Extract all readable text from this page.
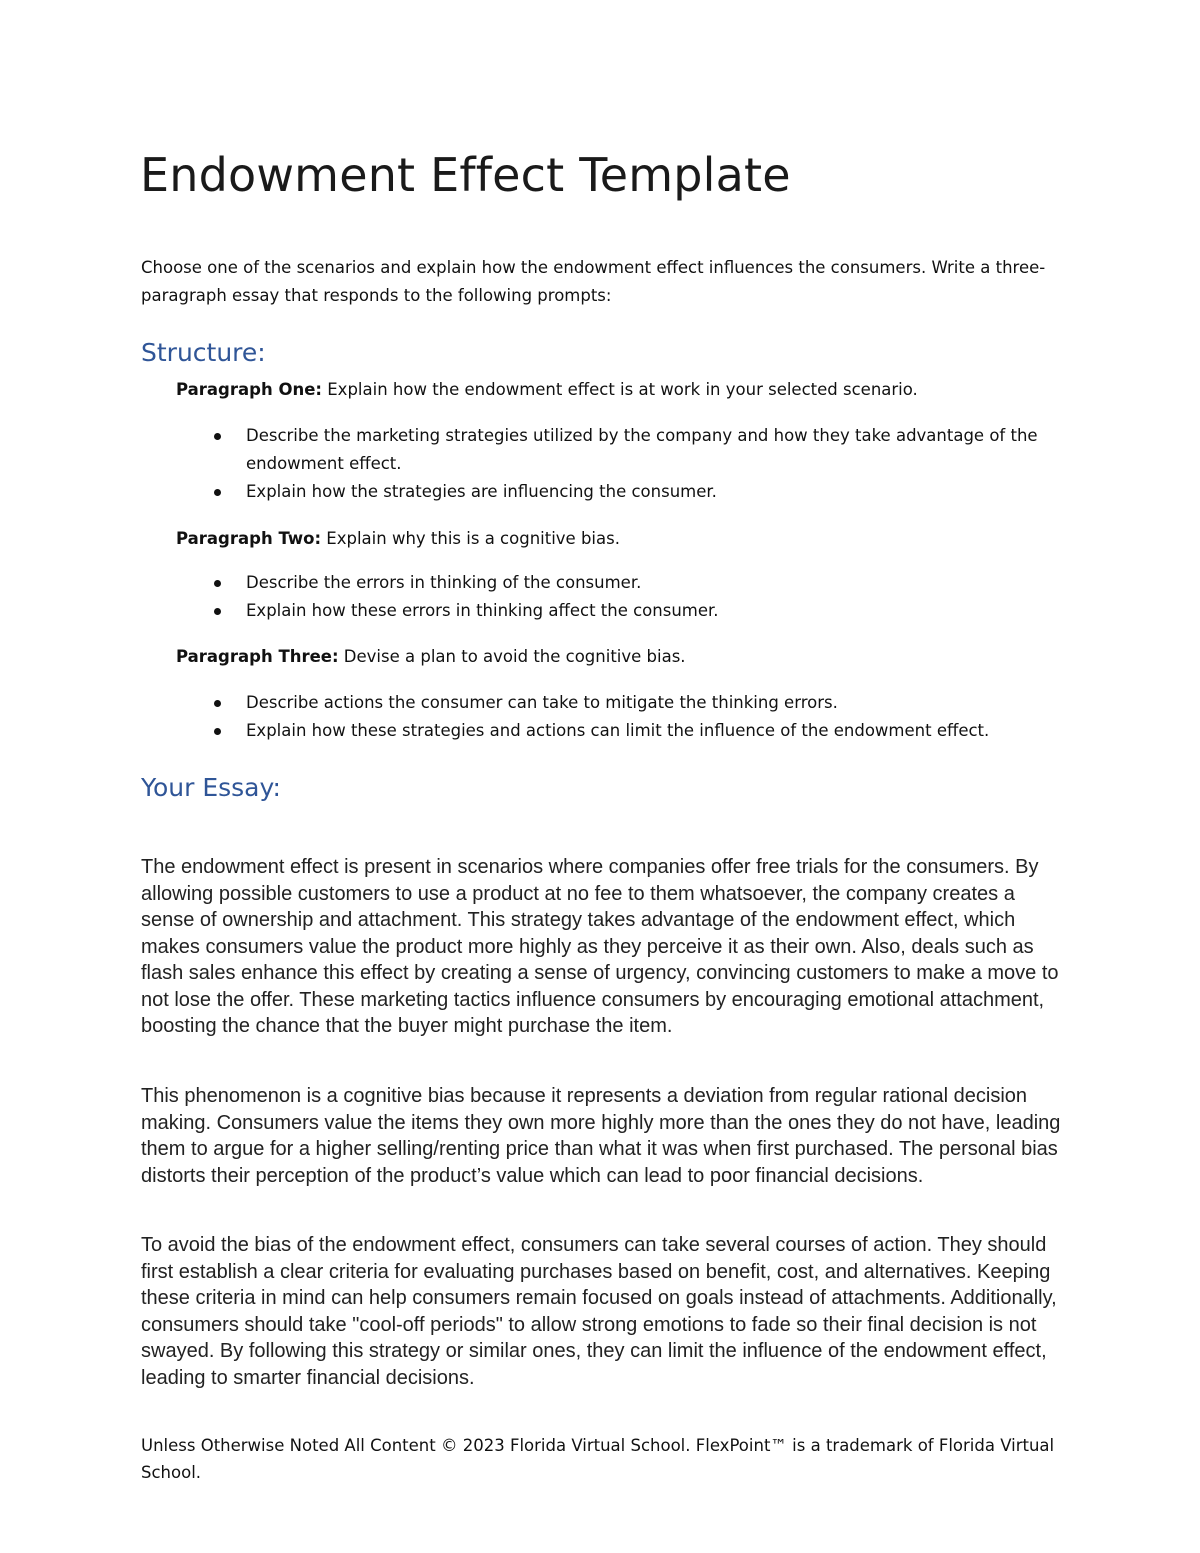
Endowment Effect Template

Choose one of the scenarios and explain how the endowment effect influences the consumers. Write a three-paragraph essay that responds to the following prompts:

Structure:

Paragraph One: Explain how the endowment effect is at work in your selected scenario.

Describe the marketing strategies utilized by the company and how they take advantage of the endowment effect.
Explain how the strategies are influencing the consumer.

Paragraph Two: Explain why this is a cognitive bias.

Describe the errors in thinking of the consumer.
Explain how these errors in thinking affect the consumer.

Paragraph Three: Devise a plan to avoid the cognitive bias.

Describe actions the consumer can take to mitigate the thinking errors.
Explain how these strategies and actions can limit the influence of the endowment effect.
Your Essay:

The endowment effect is present in scenarios where companies offer free trials for the consumers. By allowing possible customers to use a product at no fee to them whatsoever, the company creates a sense of ownership and attachment. This strategy takes advantage of the endowment effect, which makes consumers value the product more highly as they perceive it as their own. Also, deals such as flash sales enhance this effect by creating a sense of urgency, convincing customers to make a move to not lose the offer. These marketing tactics influence consumers by encouraging emotional attachment, boosting the chance that the buyer might purchase the item.

This phenomenon is a cognitive bias because it represents a deviation from regular rational decision making. Consumers value the items they own more highly more than the ones they do not have, leading them to argue for a higher selling/renting price than what it was when first purchased. The personal bias distorts their perception of the product’s value which can lead to poor financial decisions.

To avoid the bias of the endowment effect, consumers can take several courses of action. They should first establish a clear criteria for evaluating purchases based on benefit, cost, and alternatives. Keeping these criteria in mind can help consumers remain focused on goals instead of attachments. Additionally, consumers should take "cool-off periods" to allow strong emotions to fade so their final decision is not swayed. By following this strategy or similar ones, they can limit the influence of the endowment effect, leading to smarter financial decisions.

Unless Otherwise Noted All Content © 2023 Florida Virtual School. FlexPoint™ is a trademark of Florida Virtual School.
